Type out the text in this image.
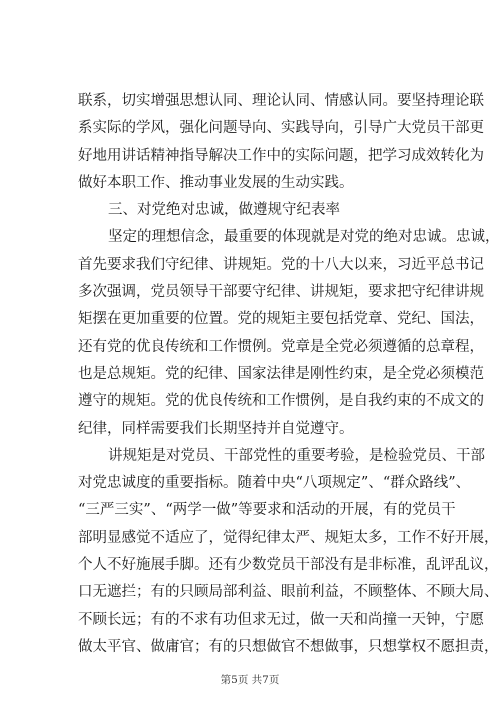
联系，切实增强思想认同、理论认同、情感认同。要坚持理论联
系实际的学风，强化问题导向、实践导向，引导广大党员干部更
好地用讲话精神指导解决工作中的实际问题，把学习成效转化为
做好本职工作、推动事业发展的生动实践。
三、对党绝对忠诚，做遵规守纪表率
坚定的理想信念，最重要的体现就是对党的绝对忠诚。忠诚，
首先要求我们守纪律、讲规矩。党的十八大以来，习近平总书记
多次强调，党员领导干部要守纪律、讲规矩，要求把守纪律讲规
矩摆在更加重要的位置。党的规矩主要包括党章、党纪、国法，
还有党的优良传统和工作惯例。党章是全党必须遵循的总章程，
也是总规矩。党的纪律、国家法律是刚性约束，是全党必须模范
遵守的规矩。党的优良传统和工作惯例，是自我约束的不成文的
纪律，同样需要我们长期坚持并自觉遵守。
讲规矩是对党员、干部党性的重要考验，是检验党员、干部
对党忠诚度的重要指标。随着中央“八项规定”、“群众路线”、
“三严三实”、“两学一做”等要求和活动的开展，有的党员干
部明显感觉不适应了，觉得纪律太严、规矩太多，工作不好开展，
个人不好施展手脚。还有少数党员干部没有是非标准，乱评乱议，
口无遮拦；有的只顾局部利益、眼前利益，不顾整体、不顾大局、
不顾长远；有的不求有功但求无过，做一天和尚撞一天钟，宁愿
做太平官、做庸官；有的只想做官不想做事，只想掌权不愿担责，
第5页 共7页
